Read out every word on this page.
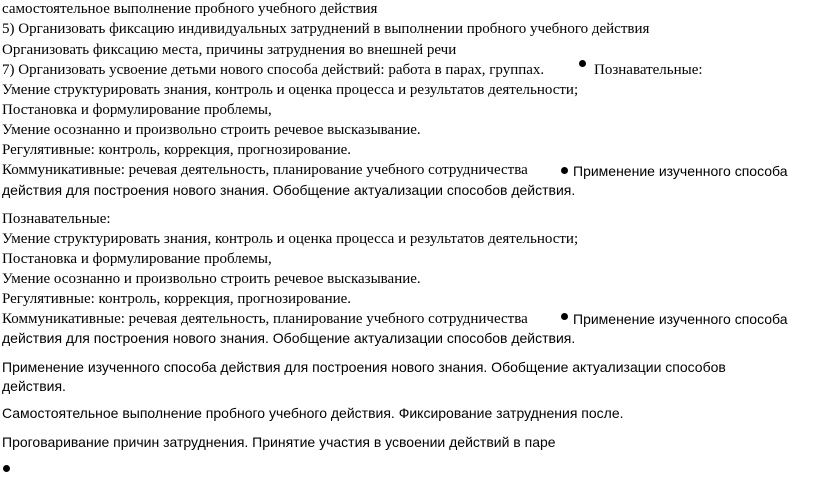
самостоятельное выполнение пробного учебного действия
5) Организовать фиксацию индивидуальных затруднений в выполнении пробного учебного действия
Организовать фиксацию места, причины затруднения во внешней речи
7) Организовать усвоение детьми нового способа действий: работа в парах, группах.	Познавательные:
Умение структурировать знания, контроль и оценка процесса и результатов деятельности;
Постановка и формулирование проблемы,
Умение осознанно и произвольно строить речевое высказывание.
Регулятивные: контроль, коррекция, прогнозирование.
Коммуникативные: речевая деятельность, планирование учебного сотрудничества	Применение изученного способа
действия для построения нового знания. Обобщение актуализации способов действия.
Познавательные:
Умение структурировать знания, контроль и оценка процесса и результатов деятельности;
Постановка и формулирование проблемы,
Умение осознанно и произвольно строить речевое высказывание.
Регулятивные: контроль, коррекция, прогнозирование.
Коммуникативные: речевая деятельность, планирование учебного сотрудничества	Применение изученного способа
действия для построения нового знания. Обобщение актуализации способов действия.
Применение изученного способа действия для построения нового знания. Обобщение актуализации способов
действия.
Самостоятельное выполнение пробного учебного действия. Фиксирование затруднения после.
Проговаривание причин затруднения. Принятие участия в усвоении действий в паре
